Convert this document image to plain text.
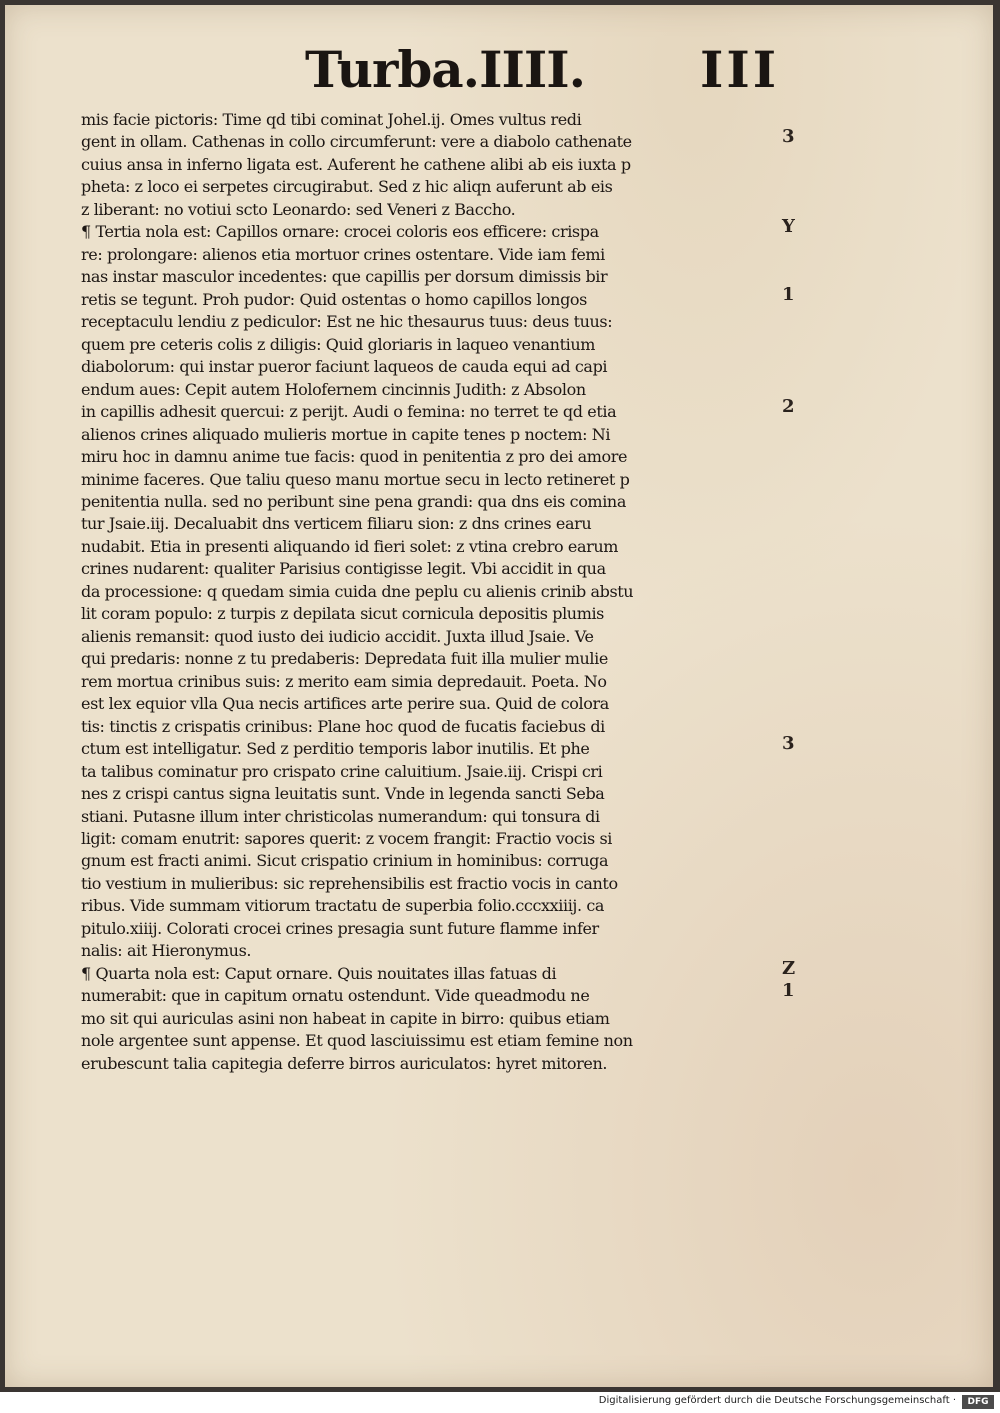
Turba.IIII. III
mis facie pictoris: Time qd tibi cominat Johel.ij. Omes vultus redi
gent in ollam. Cathenas in collo circumferunt: vere a diabolo cathenate
cuius ansa in inferno ligata est. Auferent he cathene alibi ab eis iuxta p
pheta: z loco ei serpetes circugirabut. Sed z hic aliqn auferunt ab eis
z liberant: no votiui scto Leonardo: sed Veneri z Baccho.
¶ Tertia nola est: Capillos ornare: crocei coloris eos efficere: crispa
re: prolongare: alienos etia mortuor crines ostentare. Vide iam femi
nas instar masculor incedentes: que capillis per dorsum dimissis bir
retis se tegunt. Proh pudor: Quid ostentas o homo capillos longos
receptaculu lendiu z pediculor: Est ne hic thesaurus tuus: deus tuus:
quem pre ceteris colis z diligis: Quid gloriaris in laqueo venantium
diabolorum: qui instar pueror faciunt laqueos de cauda equi ad capi
endum aues: Cepit autem Holofernem cincinnis Judith: z Absolon
in capillis adhesit quercui: z perijt. Audi o femina: no terret te qd etia
alienos crines aliquado mulieris mortue in capite tenes p noctem: Ni
miru hoc in damnu anime tue facis: quod in penitentia z pro dei amore
minime faceres. Que taliu queso manu mortue secu in lecto retineret p
penitentia nulla. sed no peribunt sine pena grandi: qua dns eis comina
tur Jsaie.iij. Decaluabit dns verticem filiaru sion: z dns crines earu
nudabit. Etia in presenti aliquando id fieri solet: z vtina crebro earum
crines nudarent: qualiter Parisius contigisse legit. Vbi accidit in qua
da processione: q quedam simia cuida dne peplu cu alienis crinib abstu
lit coram populo: z turpis z depilata sicut cornicula depositis plumis
alienis remansit: quod iusto dei iudicio accidit. Juxta illud Jsaie. Ve
qui predaris: nonne z tu predaberis: Depredata fuit illa mulier mulie
rem mortua crinibus suis: z merito eam simia depredauit. Poeta. No
est lex equior vlla Qua necis artifices arte perire sua. Quid de colora
tis: tinctis z crispatis crinibus: Plane hoc quod de fucatis faciebus di
ctum est intelligatur. Sed z perditio temporis labor inutilis. Et phe
ta talibus cominatur pro crispato crine caluitium. Jsaie.iij. Crispi cri
nes z crispi cantus signa leuitatis sunt. Vnde in legenda sancti Seba
stiani. Putasne illum inter christicolas numerandum: qui tonsura di
ligit: comam enutrit: sapores querit: z vocem frangit: Fractio vocis si
gnum est fracti animi. Sicut crispatio crinium in hominibus: corruga
tio vestium in mulieribus: sic reprehensibilis est fractio vocis in canto
ribus. Vide summam vitiorum tractatu de superbia folio.cccxxiiij. ca
pitulo.xiiij. Colorati crocei crines presagia sunt future flamme infer
nalis: ait Hieronymus.
¶ Quarta nola est: Caput ornare. Quis nouitates illas fatuas di
numerabit: que in capitum ornatu ostendunt. Vide queadmodu ne
mo sit qui auriculas asini non habeat in capite in birro: quibus etiam
nole argentee sunt appense. Et quod lasciuissimu est etiam femine non
erubescunt talia capitegia deferre birros auriculatos: hyret mitoren.
3
Y
1
2
3
Z
1
Digitalisierung gefördert durch die Deutsche Forschungsgemeinschaft ·	DFG
